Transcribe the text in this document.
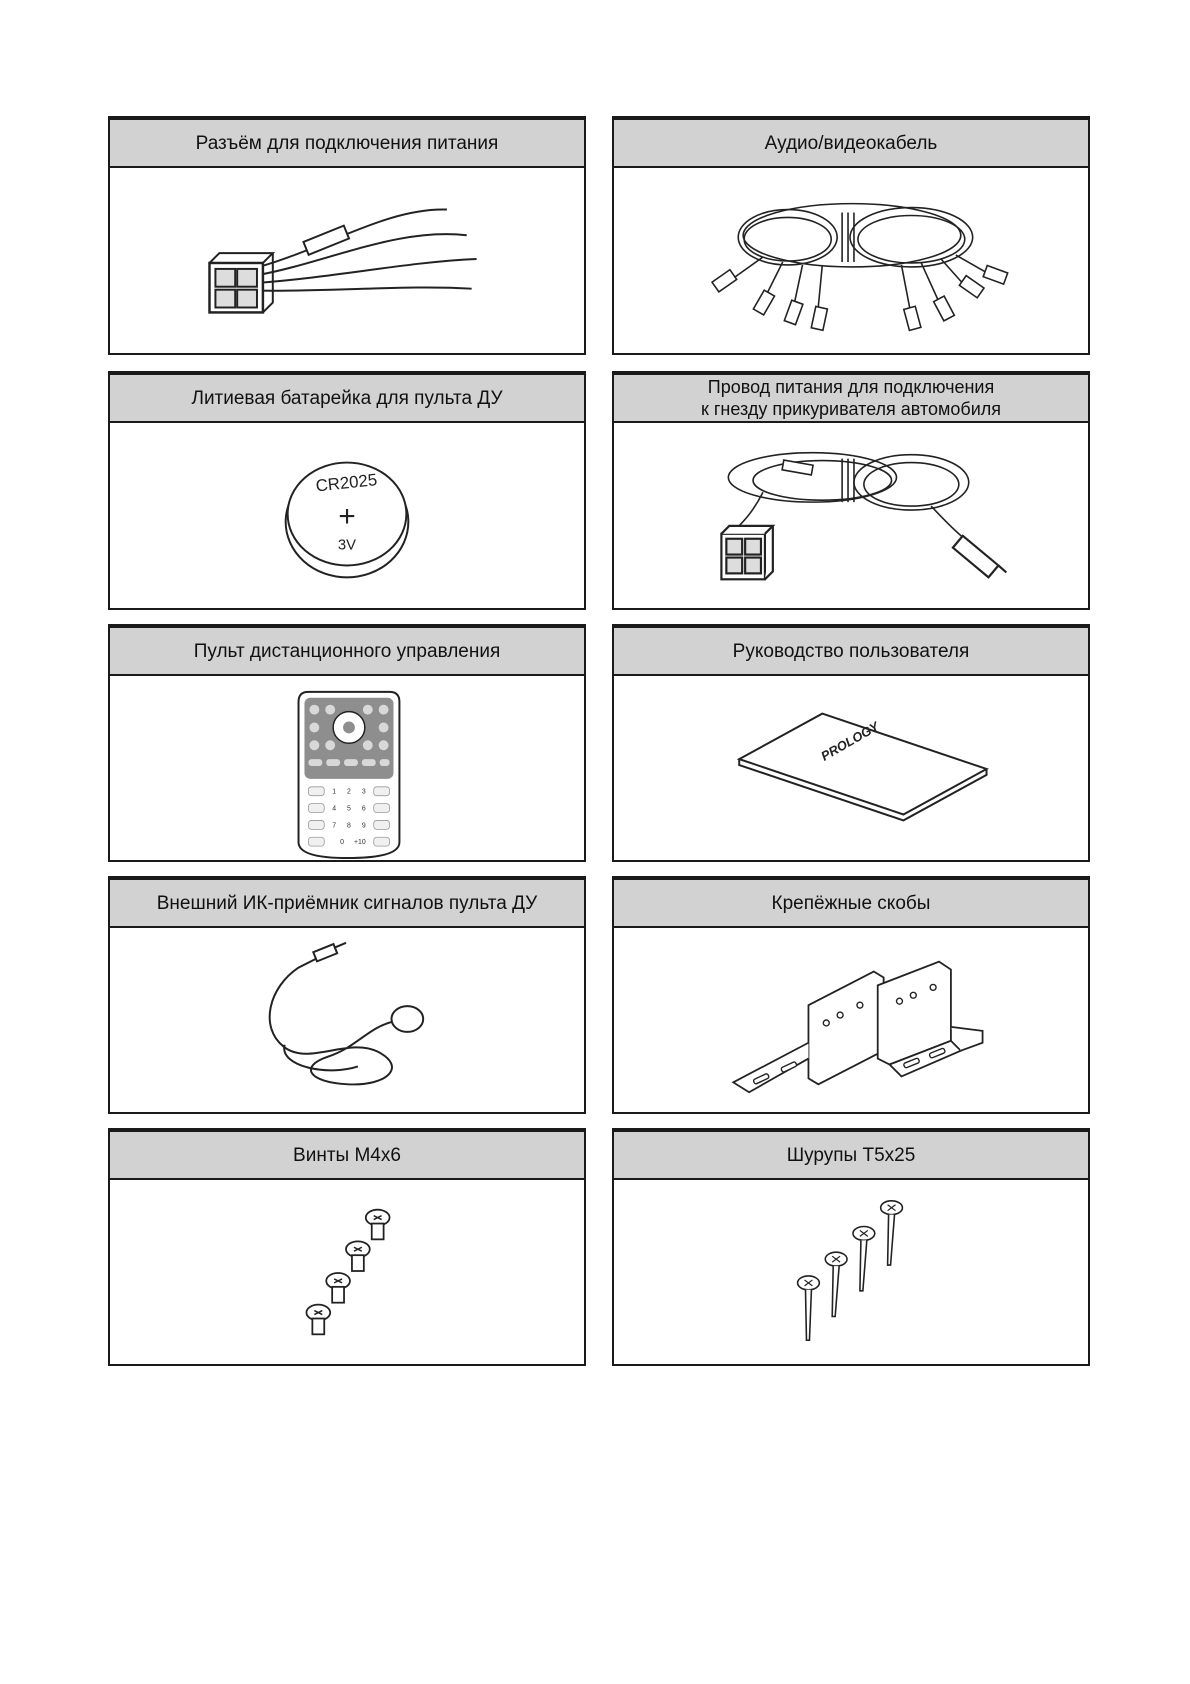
Разъём для подключения питания	Аудио/видеокабель
Литиевая батарейка для пульта ДУ
CR2025
+
3V
Провод питания для подключения
к гнезду прикуривателя автомобиля
Пульт дистанционного управления
1 2 3
4 5 6
7 8 9
0 +10
Руководство пользователя
PROLOGY
Внешний ИК-приёмник сигналов пульта ДУ	Крепёжные скобы
Винты М4х6	Шурупы Т5х25
